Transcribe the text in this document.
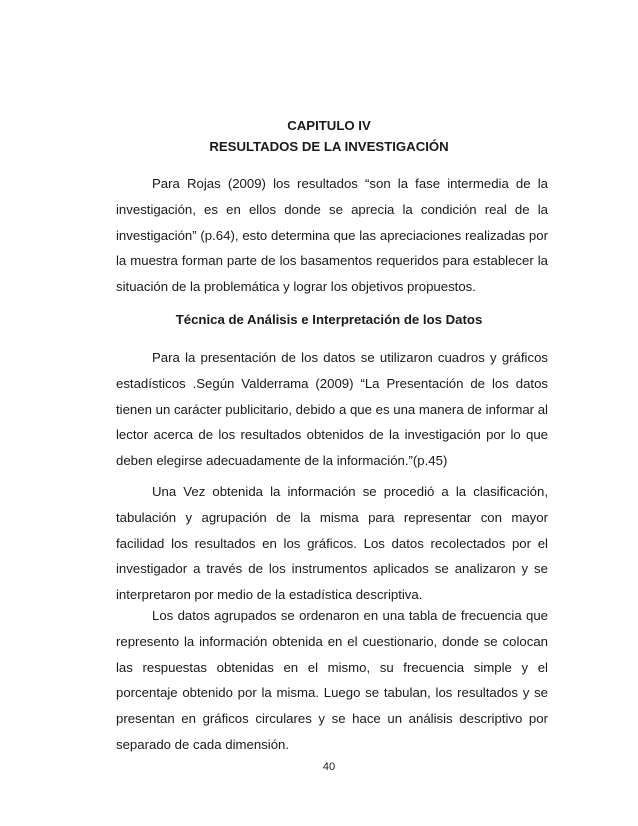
CAPITULO IV
RESULTADOS DE LA INVESTIGACIÓN

Para Rojas (2009) los resultados “son la fase intermedia de la investigación, es en ellos donde se aprecia la condición real de la investigación” (p.64), esto determina que las apreciaciones realizadas por la muestra forman parte de los basamentos requeridos para establecer la situación de la problemática y lograr los objetivos propuestos.

Técnica de Análisis e Interpretación de los Datos

Para la presentación de los datos se utilizaron cuadros y gráficos estadísticos .Según Valderrama (2009) “La Presentación de los datos tienen un carácter publicitario, debido a que es una manera de informar al lector acerca de los resultados obtenidos de la investigación por lo que deben elegirse adecuadamente de la información.”(p.45)

Una Vez obtenida la información se procedió a la clasificación, tabulación y agrupación de la misma para representar con mayor facilidad los resultados en los gráficos. Los datos recolectados por el investigador a través de los instrumentos aplicados se analizaron y se interpretaron por medio de la estadística descriptiva.

Los datos agrupados se ordenaron en una tabla de frecuencia que represento la información obtenida en el cuestionario, donde se colocan las respuestas obtenidas en el mismo, su frecuencia simple y el porcentaje obtenido por la misma. Luego se tabulan, los resultados y se presentan en gráficos circulares y se hace un análisis descriptivo por separado de cada dimensión.

40
